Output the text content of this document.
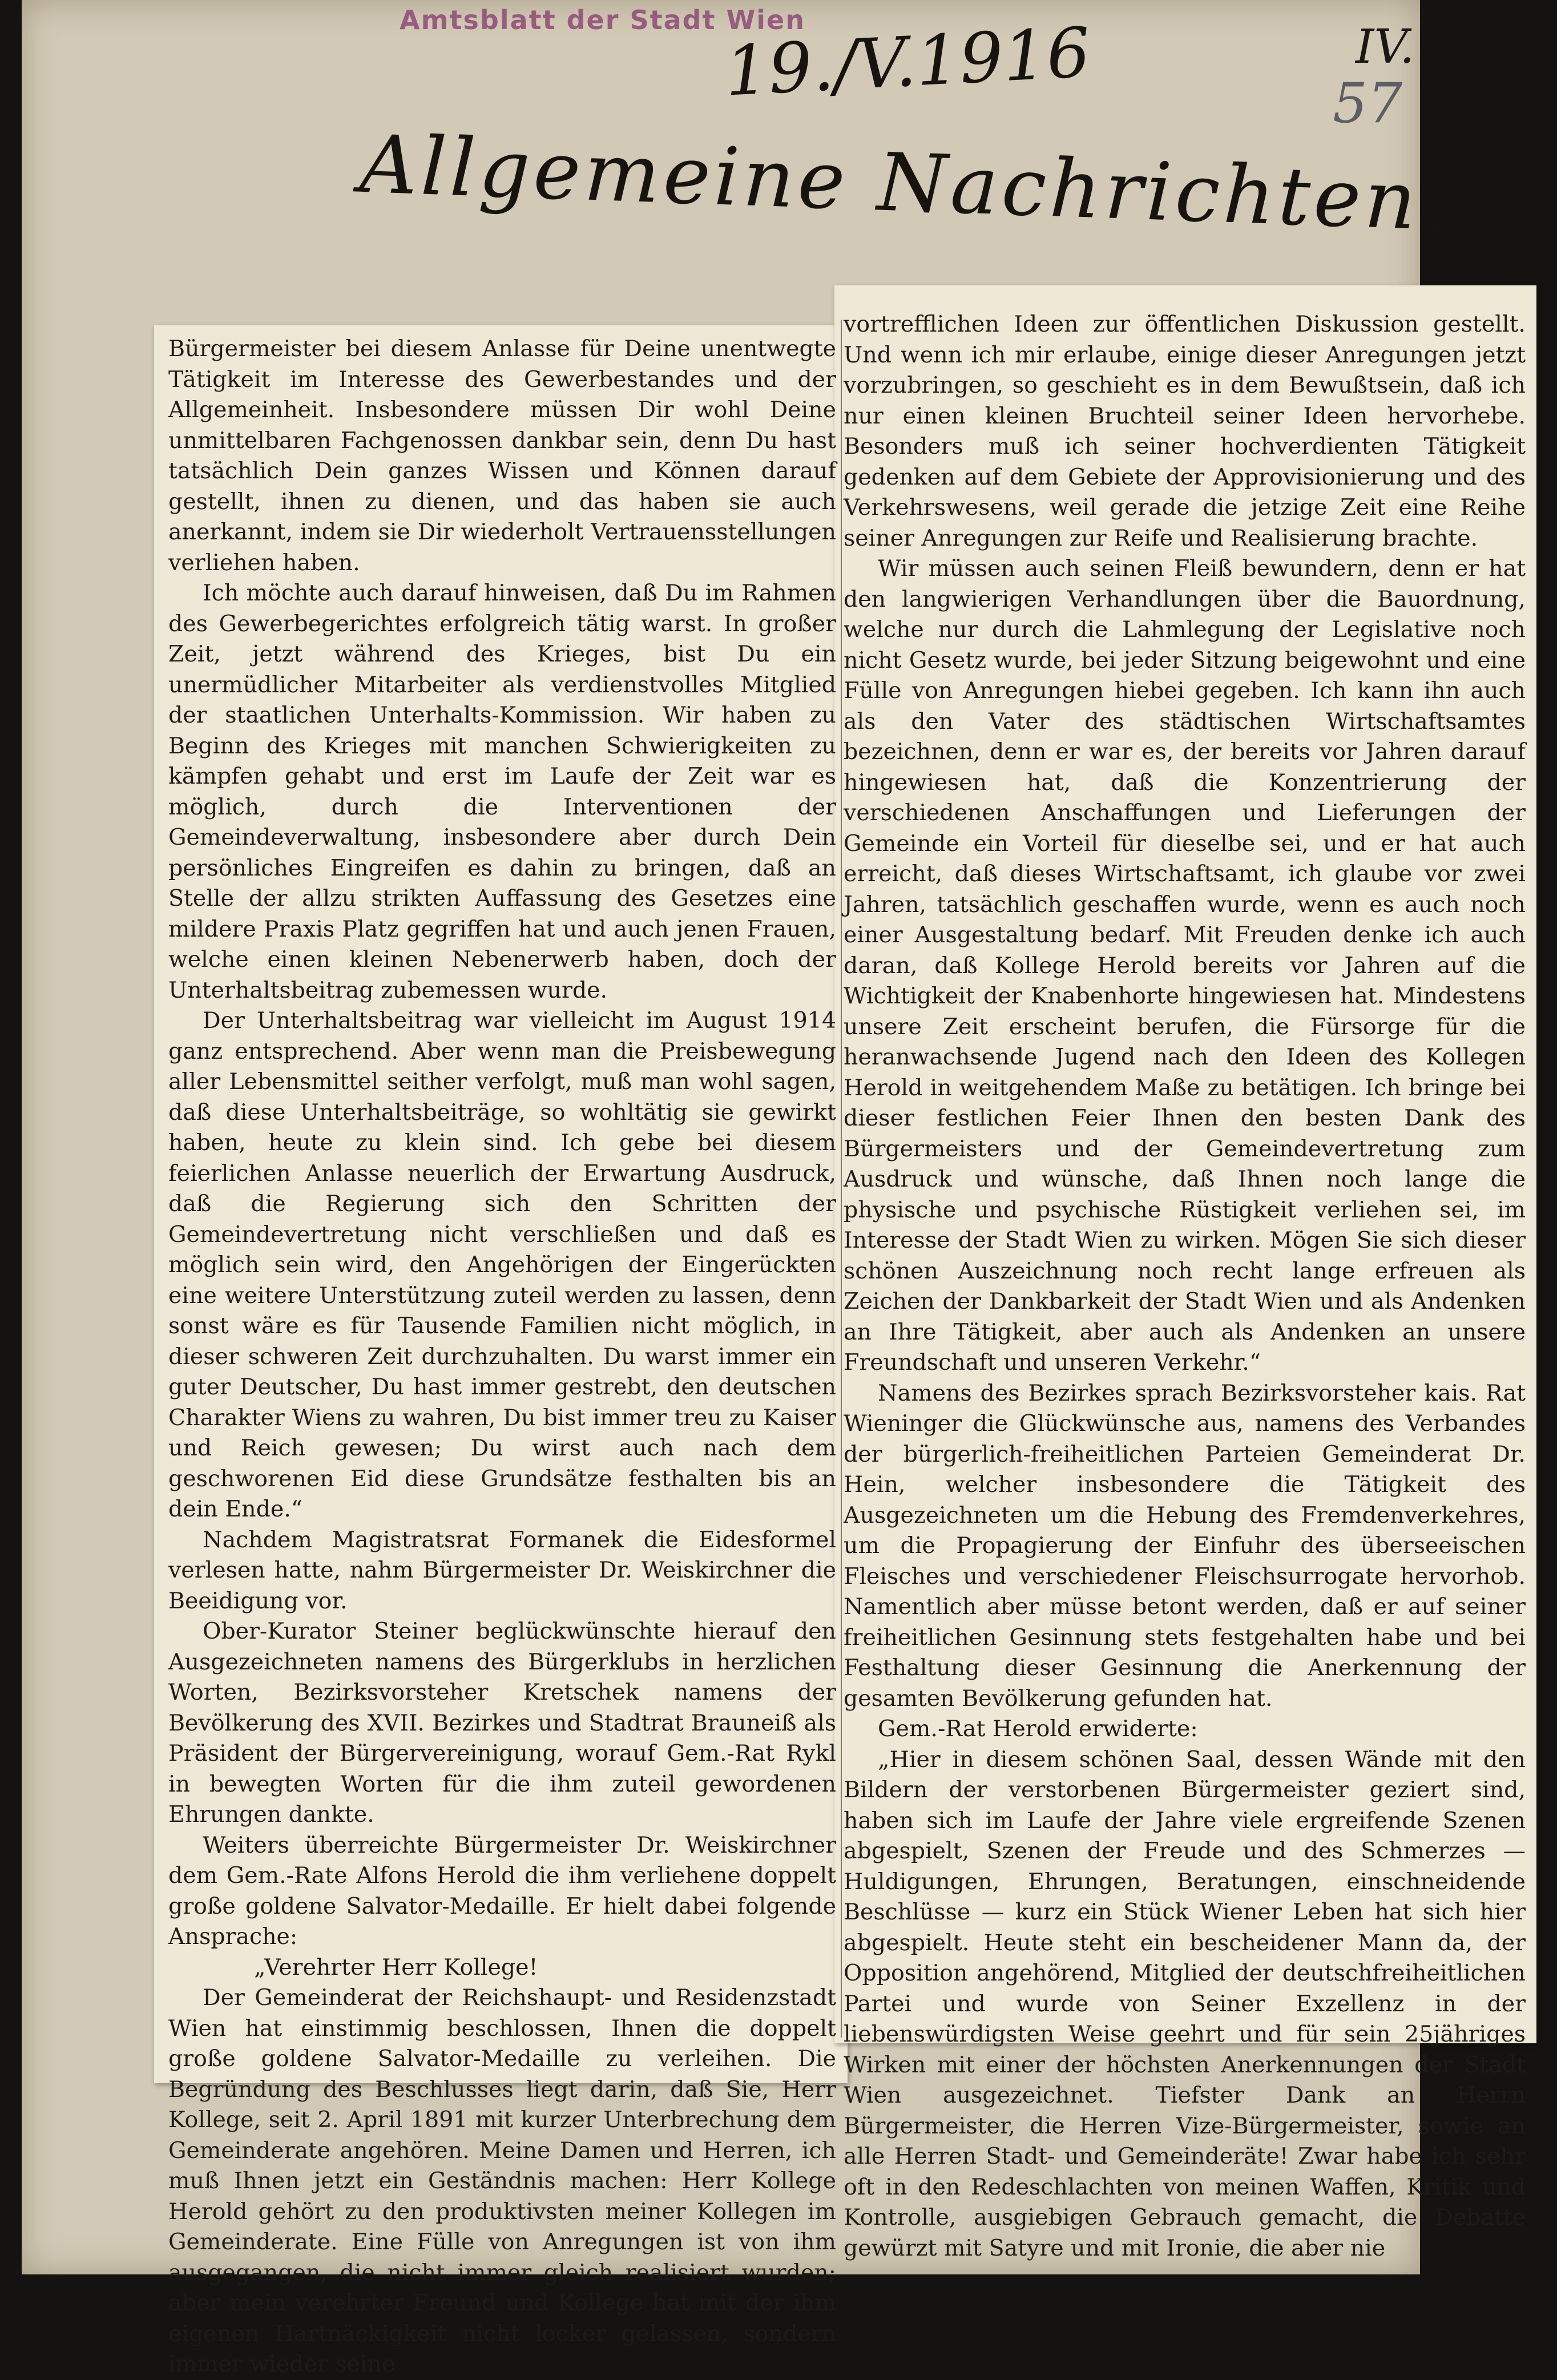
Amtsblatt der Stadt Wien
19./V.1916	IV.
57
Allgemeine Nachrichten.

Bürgermeister bei diesem Anlasse für Deine unentwegte Tätigkeit im Interesse des Gewerbestandes und der Allgemeinheit. Insbesondere müssen Dir wohl Deine unmittelbaren Fachgenossen dankbar sein, denn Du hast tatsächlich Dein ganzes Wissen und Können darauf gestellt, ihnen zu dienen, und das haben sie auch anerkannt, indem sie Dir wiederholt Vertrauensstellungen verliehen haben.

Ich möchte auch darauf hinweisen, daß Du im Rahmen des Gewerbegerichtes erfolgreich tätig warst. In großer Zeit, jetzt während des Krieges, bist Du ein unermüdlicher Mitarbeiter als verdienstvolles Mitglied der staatlichen Unterhalts-Kommission. Wir haben zu Beginn des Krieges mit manchen Schwierigkeiten zu kämpfen gehabt und erst im Laufe der Zeit war es möglich, durch die Interventionen der Gemeindeverwaltung, insbesondere aber durch Dein persönliches Eingreifen es dahin zu bringen, daß an Stelle der allzu strikten Auffassung des Gesetzes eine mildere Praxis Platz gegriffen hat und auch jenen Frauen, welche einen kleinen Nebenerwerb haben, doch der Unterhaltsbeitrag zubemessen wurde.

Der Unterhaltsbeitrag war vielleicht im August 1914 ganz entsprechend. Aber wenn man die Preisbewegung aller Lebensmittel seither verfolgt, muß man wohl sagen, daß diese Unterhaltsbeiträge, so wohltätig sie gewirkt haben, heute zu klein sind. Ich gebe bei diesem feierlichen Anlasse neuerlich der Erwartung Ausdruck, daß die Regierung sich den Schritten der Gemeindevertretung nicht verschließen und daß es möglich sein wird, den Angehörigen der Eingerückten eine weitere Unterstützung zuteil werden zu lassen, denn sonst wäre es für Tausende Familien nicht möglich, in dieser schweren Zeit durchzuhalten. Du warst immer ein guter Deutscher, Du hast immer gestrebt, den deutschen Charakter Wiens zu wahren, Du bist immer treu zu Kaiser und Reich gewesen; Du wirst auch nach dem geschworenen Eid diese Grundsätze festhalten bis an dein Ende.“

Nachdem Magistratsrat Formanek die Eidesformel verlesen hatte, nahm Bürgermeister Dr. Weiskirchner die Beeidigung vor.

Ober-Kurator Steiner beglückwünschte hierauf den Ausgezeichneten namens des Bürgerklubs in herzlichen Worten, Bezirksvorsteher Kretschek namens der Bevölkerung des XVII. Bezirkes und Stadtrat Brauneiß als Präsident der Bürgervereinigung, worauf Gem.-Rat Rykl in bewegten Worten für die ihm zuteil gewordenen Ehrungen dankte.

Weiters überreichte Bürgermeister Dr. Weiskirchner dem Gem.-Rate Alfons Herold die ihm verliehene doppelt große goldene Salvator-Medaille. Er hielt dabei folgende Ansprache:

„Verehrter Herr Kollege!

Der Gemeinderat der Reichshaupt- und Residenzstadt Wien hat einstimmig beschlossen, Ihnen die doppelt große goldene Salvator-Medaille zu verleihen. Die Begründung des Beschlusses liegt darin, daß Sie, Herr Kollege, seit 2. April 1891 mit kurzer Unterbrechung dem Gemeinderate angehören. Meine Damen und Herren, ich muß Ihnen jetzt ein Geständnis machen: Herr Kollege Herold gehört zu den produktivsten meiner Kollegen im Gemeinderate. Eine Fülle von Anregungen ist von ihm ausgegangen, die nicht immer gleich realisiert wurden; aber mein verehrter Freund und Kollege hat mit der ihm eigenen Hartnäckigkeit nicht locker gelassen, sondern immer wieder seine

vortrefflichen Ideen zur öffentlichen Diskussion gestellt. Und wenn ich mir erlaube, einige dieser Anregungen jetzt vorzubringen, so geschieht es in dem Bewußtsein, daß ich nur einen kleinen Bruchteil seiner Ideen hervorhebe. Besonders muß ich seiner hochverdienten Tätigkeit gedenken auf dem Gebiete der Approvisionierung und des Verkehrswesens, weil gerade die jetzige Zeit eine Reihe seiner Anregungen zur Reife und Realisierung brachte.

Wir müssen auch seinen Fleiß bewundern, denn er hat den langwierigen Verhandlungen über die Bauordnung, welche nur durch die Lahmlegung der Legislative noch nicht Gesetz wurde, bei jeder Sitzung beigewohnt und eine Fülle von Anregungen hiebei gegeben. Ich kann ihn auch als den Vater des städtischen Wirtschaftsamtes bezeichnen, denn er war es, der bereits vor Jahren darauf hingewiesen hat, daß die Konzentrierung der verschiedenen Anschaffungen und Lieferungen der Gemeinde ein Vorteil für dieselbe sei, und er hat auch erreicht, daß dieses Wirtschaftsamt, ich glaube vor zwei Jahren, tatsächlich geschaffen wurde, wenn es auch noch einer Ausgestaltung bedarf. Mit Freuden denke ich auch daran, daß Kollege Herold bereits vor Jahren auf die Wichtigkeit der Knabenhorte hingewiesen hat. Mindestens unsere Zeit erscheint berufen, die Fürsorge für die heranwachsende Jugend nach den Ideen des Kollegen Herold in weitgehendem Maße zu betätigen. Ich bringe bei dieser festlichen Feier Ihnen den besten Dank des Bürgermeisters und der Gemeindevertretung zum Ausdruck und wünsche, daß Ihnen noch lange die physische und psychische Rüstigkeit verliehen sei, im Interesse der Stadt Wien zu wirken. Mögen Sie sich dieser schönen Auszeichnung noch recht lange erfreuen als Zeichen der Dankbarkeit der Stadt Wien und als Andenken an Ihre Tätigkeit, aber auch als Andenken an unsere Freundschaft und unseren Verkehr.“

Namens des Bezirkes sprach Bezirksvorsteher kais. Rat Wieninger die Glückwünsche aus, namens des Verbandes der bürgerlich-freiheitlichen Parteien Gemeinderat Dr. Hein, welcher insbesondere die Tätigkeit des Ausgezeichneten um die Hebung des Fremdenverkehres, um die Propagierung der Einfuhr des überseeischen Fleisches und verschiedener Fleischsurrogate hervorhob. Namentlich aber müsse betont werden, daß er auf seiner freiheitlichen Gesinnung stets festgehalten habe und bei Festhaltung dieser Gesinnung die Anerkennung der gesamten Bevölkerung gefunden hat.

Gem.-Rat Herold erwiderte:

„Hier in diesem schönen Saal, dessen Wände mit den Bildern der verstorbenen Bürgermeister geziert sind, haben sich im Laufe der Jahre viele ergreifende Szenen abgespielt, Szenen der Freude und des Schmerzes — Huldigungen, Ehrungen, Beratungen, einschneidende Beschlüsse — kurz ein Stück Wiener Leben hat sich hier abgespielt. Heute steht ein bescheidener Mann da, der Opposition angehörend, Mitglied der deutschfreiheitlichen Partei und wurde von Seiner Exzellenz in der liebenswürdigsten Weise geehrt und für sein 25jähriges Wirken mit einer der höchsten Anerkennungen der Stadt Wien ausgezeichnet. Tiefster Dank an Herrn Bürgermeister, die Herren Vize-Bürgermeister, sowie an alle Herren Stadt- und Gemeinderäte! Zwar habe ich sehr oft in den Redeschlachten von meinen Waffen, Kritik und Kontrolle, ausgiebigen Gebrauch gemacht, die Debatte gewürzt mit Satyre und mit Ironie, die aber nie
